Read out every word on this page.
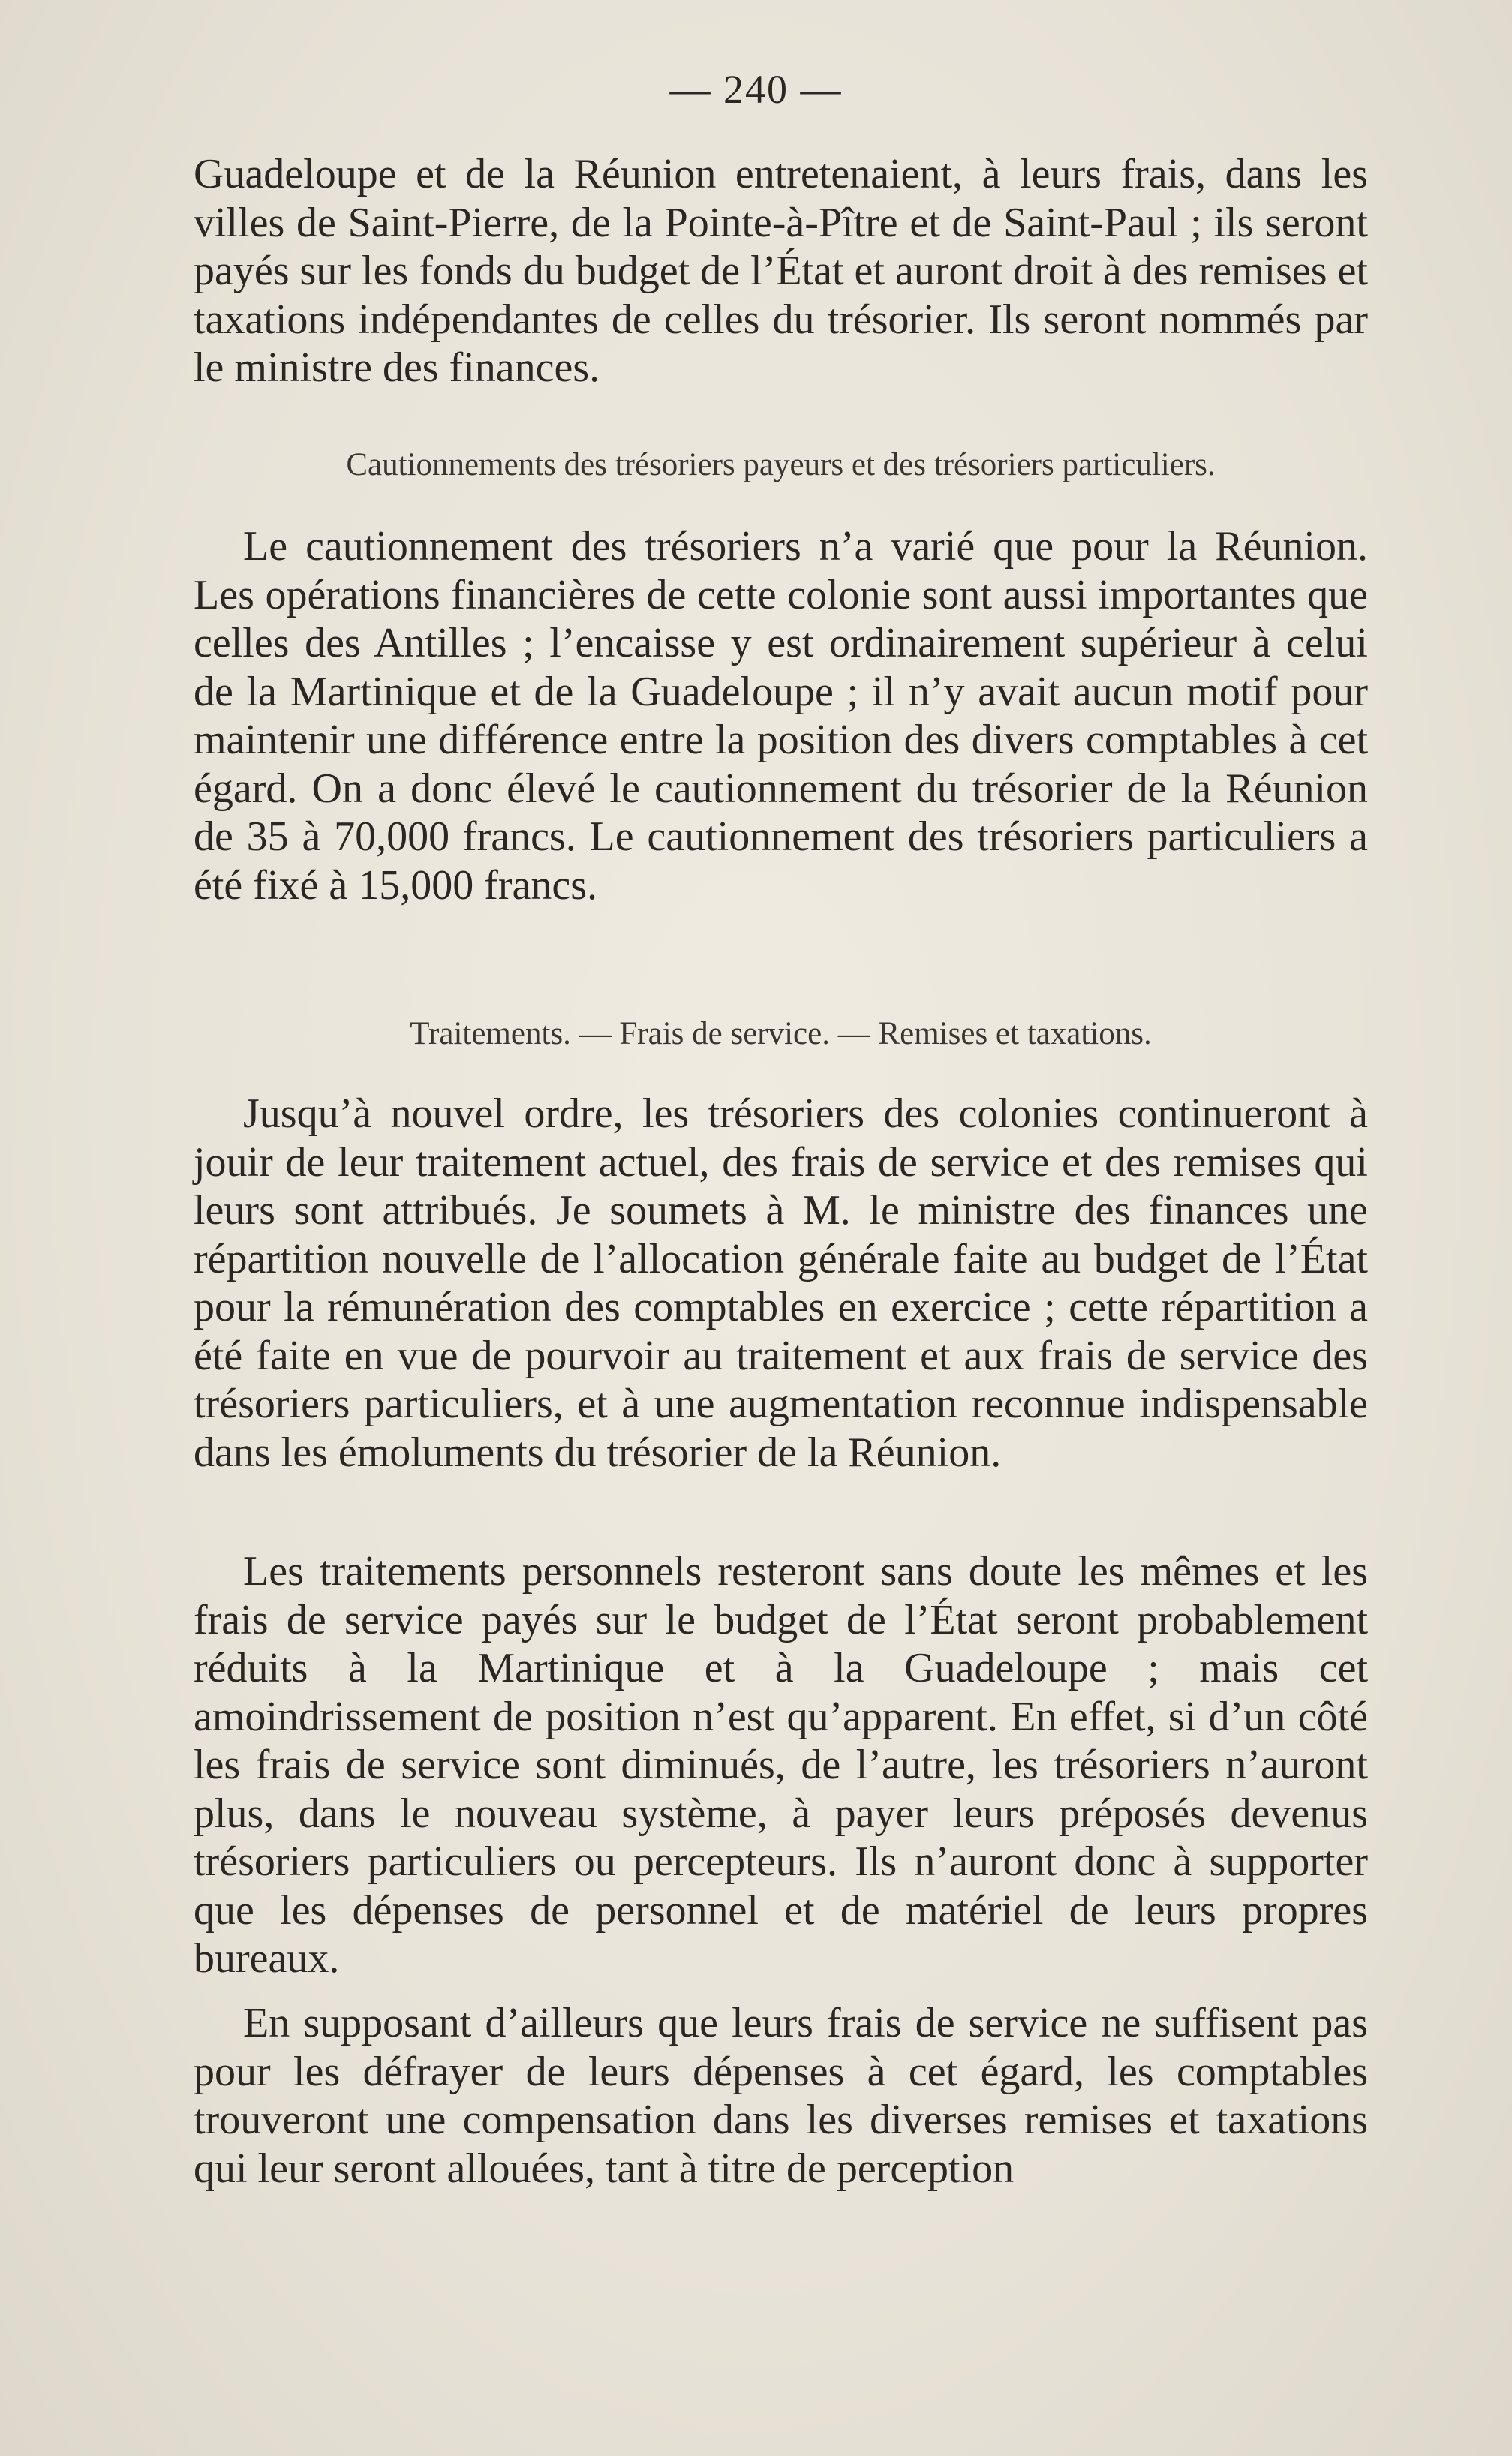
— 240 —

Guadeloupe et de la Réunion entretenaient, à leurs frais, dans les villes de Saint-Pierre, de la Pointe-à-Pître et de Saint-Paul ; ils seront payés sur les fonds du budget de l’État et auront droit à des remises et taxations indépendantes de celles du trésorier. Ils seront nommés par le ministre des finances.

Cautionnements des trésoriers payeurs et des trésoriers particuliers.

Le cautionnement des trésoriers n’a varié que pour la Réunion. Les opérations financières de cette colonie sont aussi importantes que celles des Antilles ; l’encaisse y est ordinairement supérieur à celui de la Martinique et de la Guadeloupe ; il n’y avait aucun motif pour maintenir une différence entre la position des divers comptables à cet égard. On a donc élevé le cautionnement du trésorier de la Réunion de 35 à 70,000 francs. Le cautionnement des trésoriers particuliers a été fixé à 15,000 francs.

Traitements. — Frais de service. — Remises et taxations.

Jusqu’à nouvel ordre, les trésoriers des colonies continueront à jouir de leur traitement actuel, des frais de service et des remises qui leurs sont attribués. Je soumets à M. le ministre des finances une répartition nouvelle de l’allocation générale faite au budget de l’État pour la rémunération des comptables en exercice ; cette répartition a été faite en vue de pourvoir au traitement et aux frais de service des trésoriers particuliers, et à une augmentation reconnue indispensable dans les émoluments du trésorier de la Réunion.

Les traitements personnels resteront sans doute les mêmes et les frais de service payés sur le budget de l’État seront probablement réduits à la Martinique et à la Guadeloupe ; mais cet amoindrissement de position n’est qu’apparent. En effet, si d’un côté les frais de service sont diminués, de l’autre, les trésoriers n’auront plus, dans le nouveau système, à payer leurs préposés devenus trésoriers particuliers ou percepteurs. Ils n’auront donc à supporter que les dépenses de personnel et de matériel de leurs propres bureaux.

En supposant d’ailleurs que leurs frais de service ne suffisent pas pour les défrayer de leurs dépenses à cet égard, les comptables trouveront une compensation dans les diverses remises et taxations qui leur seront allouées, tant à titre de perception
